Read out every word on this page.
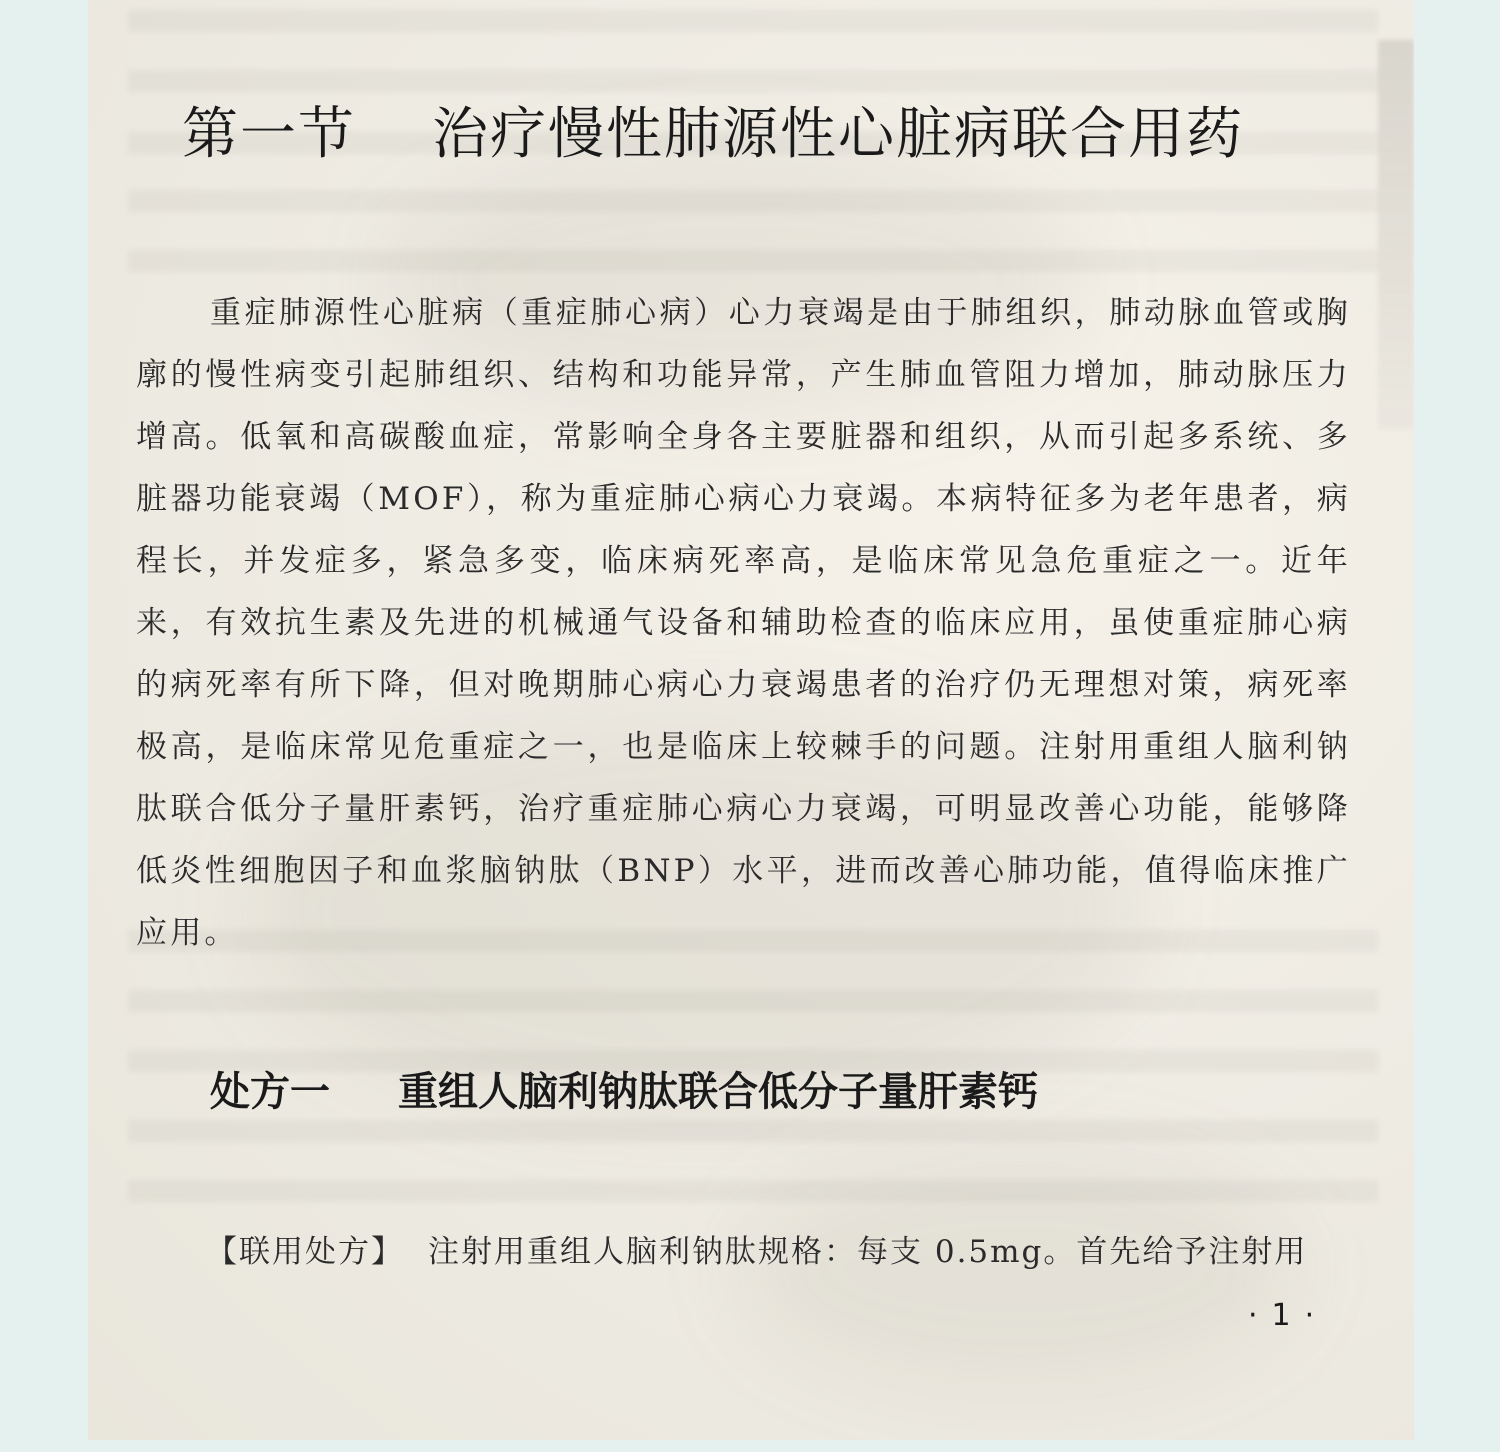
第一节 治疗慢性肺源性心脏病联合用药

重症肺源性心脏病（重症肺心病）心力衰竭是由于肺组织，肺动脉血管或胸廓的慢性病变引起肺组织、结构和功能异常，产生肺血管阻力增加，肺动脉压力增高。低氧和高碳酸血症，常影响全身各主要脏器和组织，从而引起多系统、多脏器功能衰竭（MOF），称为重症肺心病心力衰竭。本病特征多为老年患者，病程长，并发症多，紧急多变，临床病死率高，是临床常见急危重症之一。近年来，有效抗生素及先进的机械通气设备和辅助检查的临床应用，虽使重症肺心病的病死率有所下降，但对晚期肺心病心力衰竭患者的治疗仍无理想对策，病死率极高，是临床常见危重症之一，也是临床上较棘手的问题。注射用重组人脑利钠肽联合低分子量肝素钙，治疗重症肺心病心力衰竭，可明显改善心功能，能够降低炎性细胞因子和血浆脑钠肽（BNP）水平，进而改善心肺功能，值得临床推广应用。

处方一 重组人脑利钠肽联合低分子量肝素钙

【联用处方】 注射用重组人脑利钠肽规格：每支 0.5mg。首先给予注射用

·1·
